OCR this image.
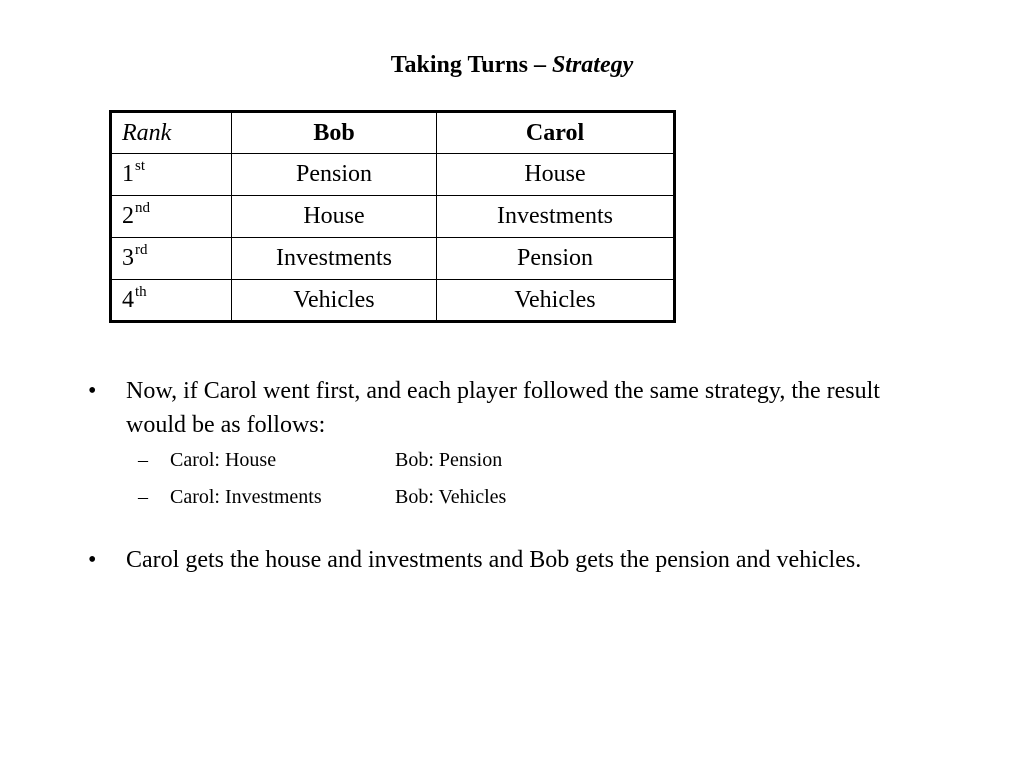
Taking Turns – Strategy
Rank	Bob	Carol
1st	Pension	House
2nd	House	Investments
3rd	Investments	Pension
4th	Vehicles	Vehicles
• Now, if Carol went first, and each player followed the same strategy, the result would be as follows:
– Carol: House	Bob: Pension
– Carol: Investments	Bob: Vehicles
• Carol gets the house and investments and Bob gets the pension and vehicles.
